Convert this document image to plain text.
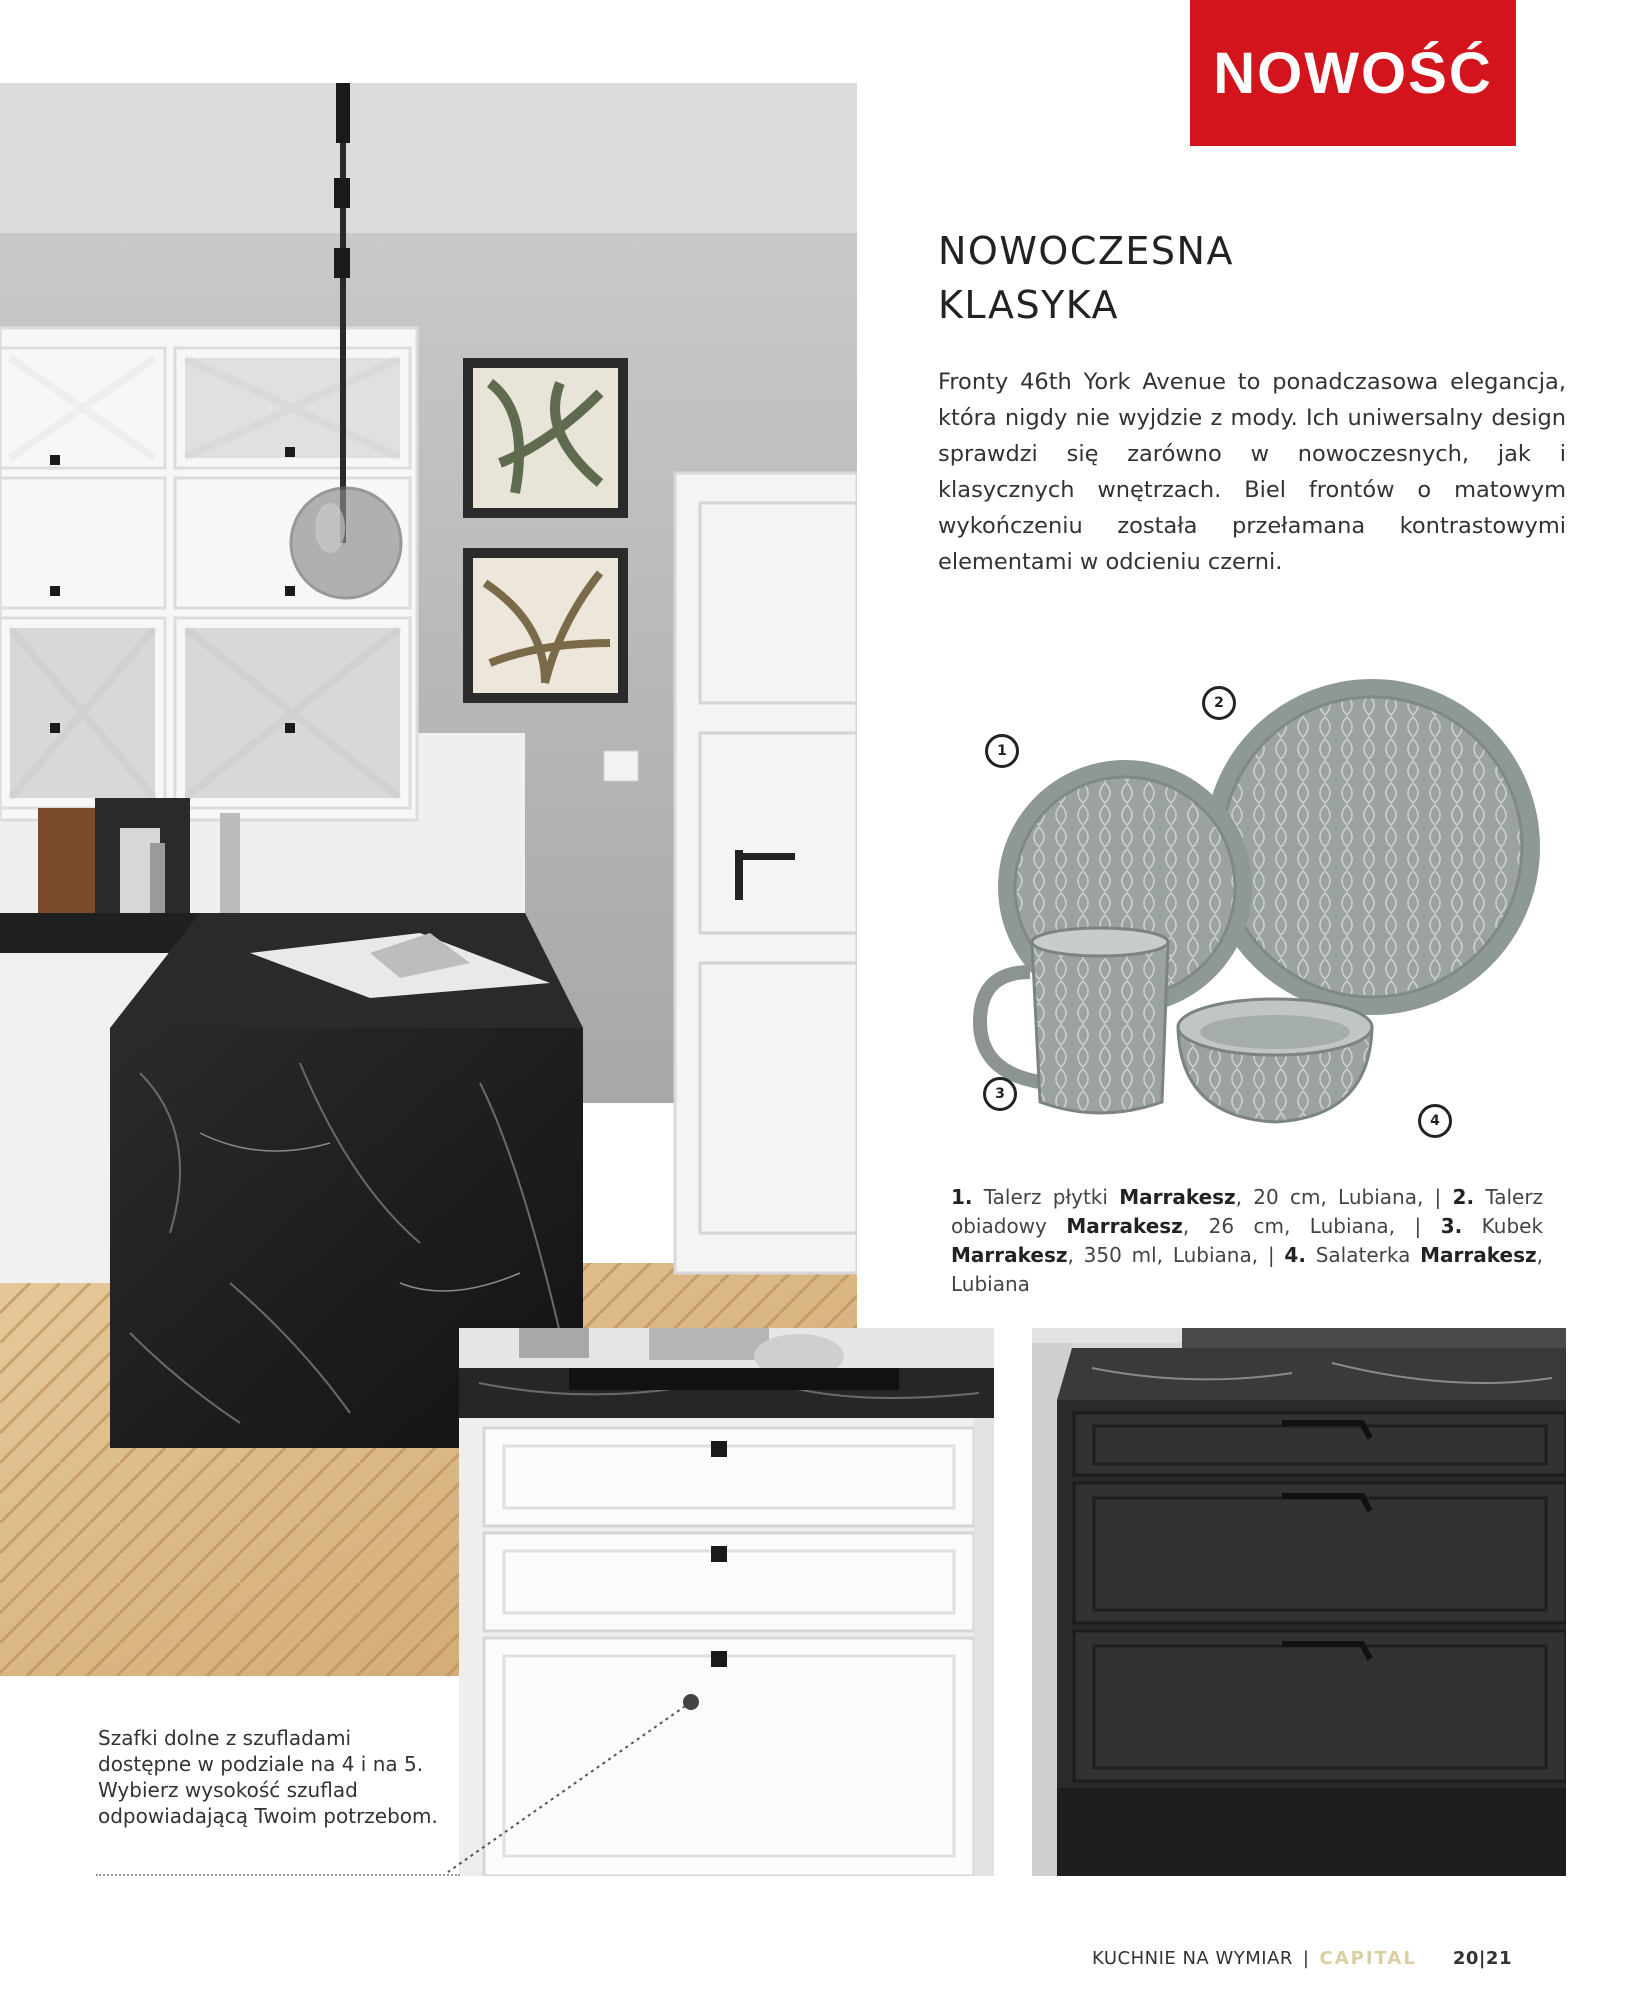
NOWOŚĆ
NOWOCZESNA
KLASYKA

Fronty 46th York Avenue to ponadczasowa elegancja, która nigdy nie wyjdzie z mody. Ich uniwersalny design sprawdzi się zarówno w nowoczesnych, jak i klasycznych wnętrzach. Biel frontów o matowym wykończeniu została przełamana kontrastowymi elementami w odcieniu czerni.

1
2
3
4

1. Talerz płytki Marrakesz, 20 cm, Lubiana, | 2. Talerz obiadowy Marrakesz, 26 cm, Lubiana, | 3. Kubek Marrakesz, 350 ml, Lubiana, | 4. Salaterka Marrakesz, Lubiana

Szafki dolne z szufladami dostępne w podziale na 4 i na 5. Wybierz wysokość szuflad odpowiadającą Twoim potrzebom.

KUCHNIE NA WYMIAR | CAPITAL 20|21
